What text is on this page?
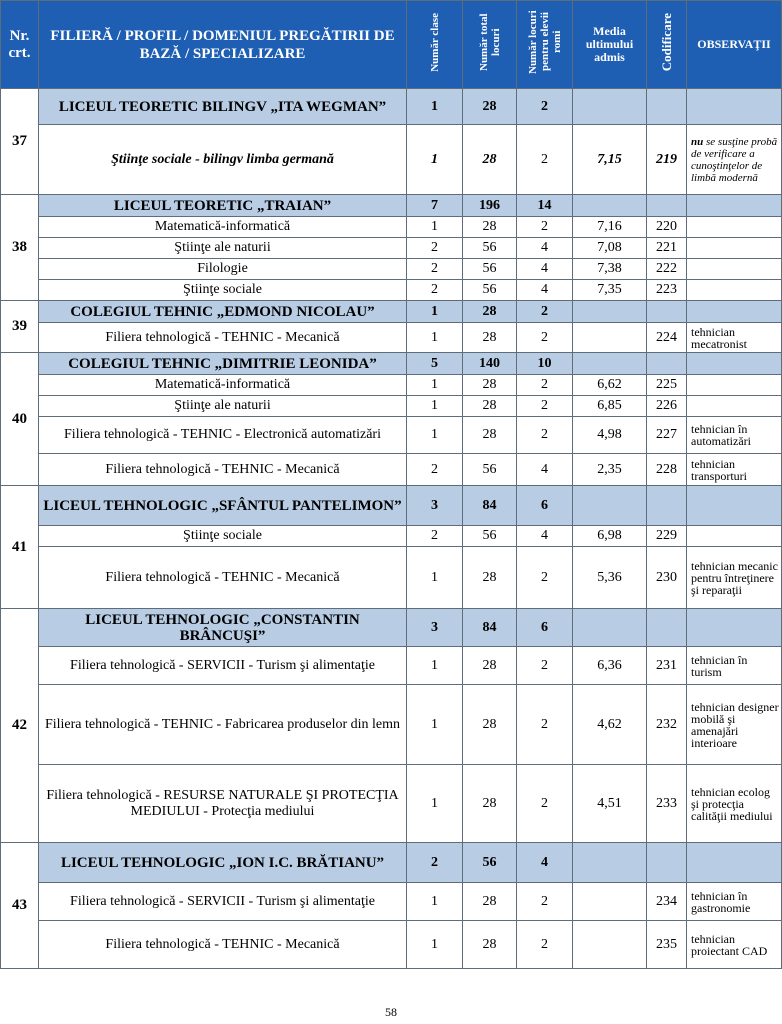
Nr. crt.	FILIERĂ / PROFIL / DOMENIUL PREGĂTIRII DE BAZĂ / SPECIALIZARE	Număr clase	Număr total locuri	Număr locuri pentru elevii romi	Media ultimului admis	Codificare	OBSERVAŢII
37	LICEUL TEORETIC BILINGV „ITA WEGMAN”	1	28	2			
	Ştiinţe sociale - bilingv limba germană	1	28	2	7,15	219	nu se susţine probă de verificare a cunoştinţelor de limbă modernă
38	LICEUL TEORETIC „TRAIAN”	7	196	14			
	Matematică-informatică	1	28	2	7,16	220	
	Ştiinţe ale naturii	2	56	4	7,08	221	
	Filologie	2	56	4	7,38	222	
	Ştiinţe sociale	2	56	4	7,35	223	
39	COLEGIUL TEHNIC „EDMOND NICOLAU”	1	28	2			
	Filiera tehnologică - TEHNIC - Mecanică	1	28	2		224	tehnician mecatronist
40	COLEGIUL TEHNIC „DIMITRIE LEONIDA”	5	140	10			
	Matematică-informatică	1	28	2	6,62	225	
	Ştiinţe ale naturii	1	28	2	6,85	226	
	Filiera tehnologică - TEHNIC - Electronică automatizări	1	28	2	4,98	227	tehnician în automatizări
	Filiera tehnologică - TEHNIC - Mecanică	2	56	4	2,35	228	tehnician transporturi
41	LICEUL TEHNOLOGIC „SFÂNTUL PANTELIMON”	3	84	6			
	Ştiinţe sociale	2	56	4	6,98	229	
	Filiera tehnologică - TEHNIC - Mecanică	1	28	2	5,36	230	tehnician mecanic pentru întreţinere şi reparaţii
42	LICEUL TEHNOLOGIC „CONSTANTIN BRÂNCUŞI”	3	84	6			
	Filiera tehnologică - SERVICII - Turism şi alimentaţie	1	28	2	6,36	231	tehnician în turism
	Filiera tehnologică - TEHNIC - Fabricarea produselor din lemn	1	28	2	4,62	232	tehnician designer mobilă şi amenajări interioare
	Filiera tehnologică - RESURSE NATURALE ŞI PROTECŢIA MEDIULUI - Protecţia mediului	1	28	2	4,51	233	tehnician ecolog şi protecţia calităţii mediului
43	LICEUL TEHNOLOGIC „ION I.C. BRĂTIANU”	2	56	4			
	Filiera tehnologică - SERVICII - Turism şi alimentaţie	1	28	2		234	tehnician în gastronomie
	Filiera tehnologică - TEHNIC - Mecanică	1	28	2		235	tehnician proiectant CAD
58
